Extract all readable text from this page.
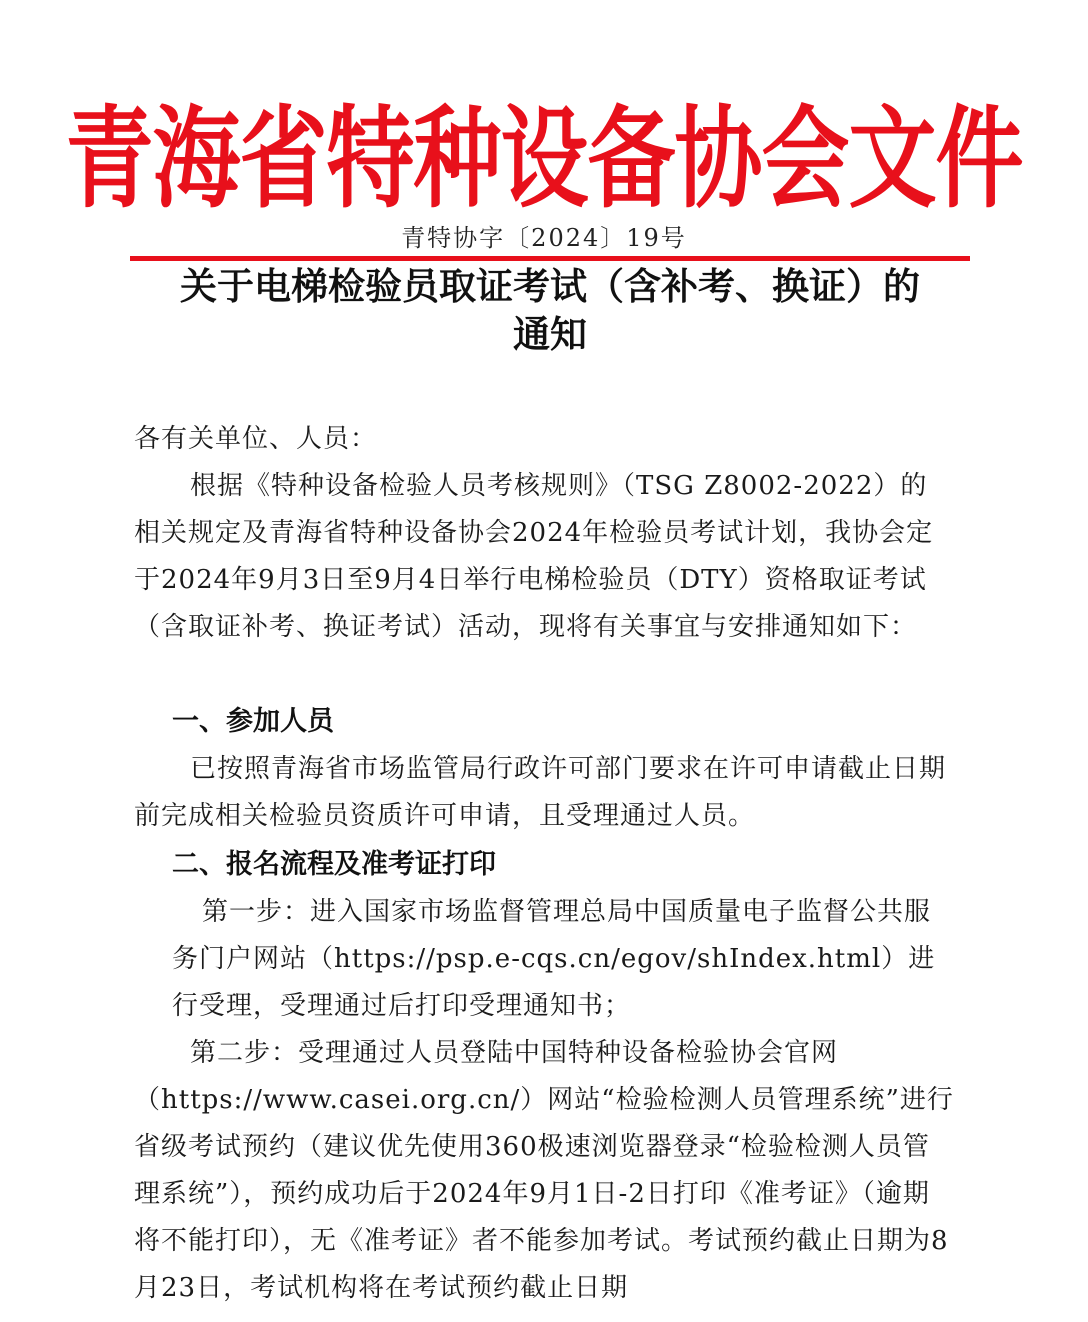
青海省特种设备协会文件
青特协字〔2024〕19号
关于电梯检验员取证考试（含补考、换证）的
通知

各有关单位、人员：

根据《特种设备检验人员考核规则》（TSG Z8002-2022）的相关规定及青海省特种设备协会2024年检验员考试计划，我协会定于2024年9月3日至9月4日举行电梯检验员（DTY）资格取证考试（含取证补考、换证考试）活动，现将有关事宜与安排通知如下：

一、参加人员

已按照青海省市场监管局行政许可部门要求在许可申请截止日期前完成相关检验员资质许可申请，且受理通过人员。

二、报名流程及准考证打印

第一步：进入国家市场监督管理总局中国质量电子监督公共服务门户网站（https://psp.e-cqs.cn/egov/shIndex.html）进行受理，受理通过后打印受理通知书；

第二步：受理通过人员登陆中国特种设备检验协会官网（https://www.casei.org.cn/）网站“检验检测人员管理系统”进行省级考试预约（建议优先使用360极速浏览器登录“检验检测人员管理系统”），预约成功后于2024年9月1日-2日打印《准考证》（逾期将不能打印），无《准考证》者不能参加考试。考试预约截止日期为8月23日，考试机构将在考试预约截止日期
